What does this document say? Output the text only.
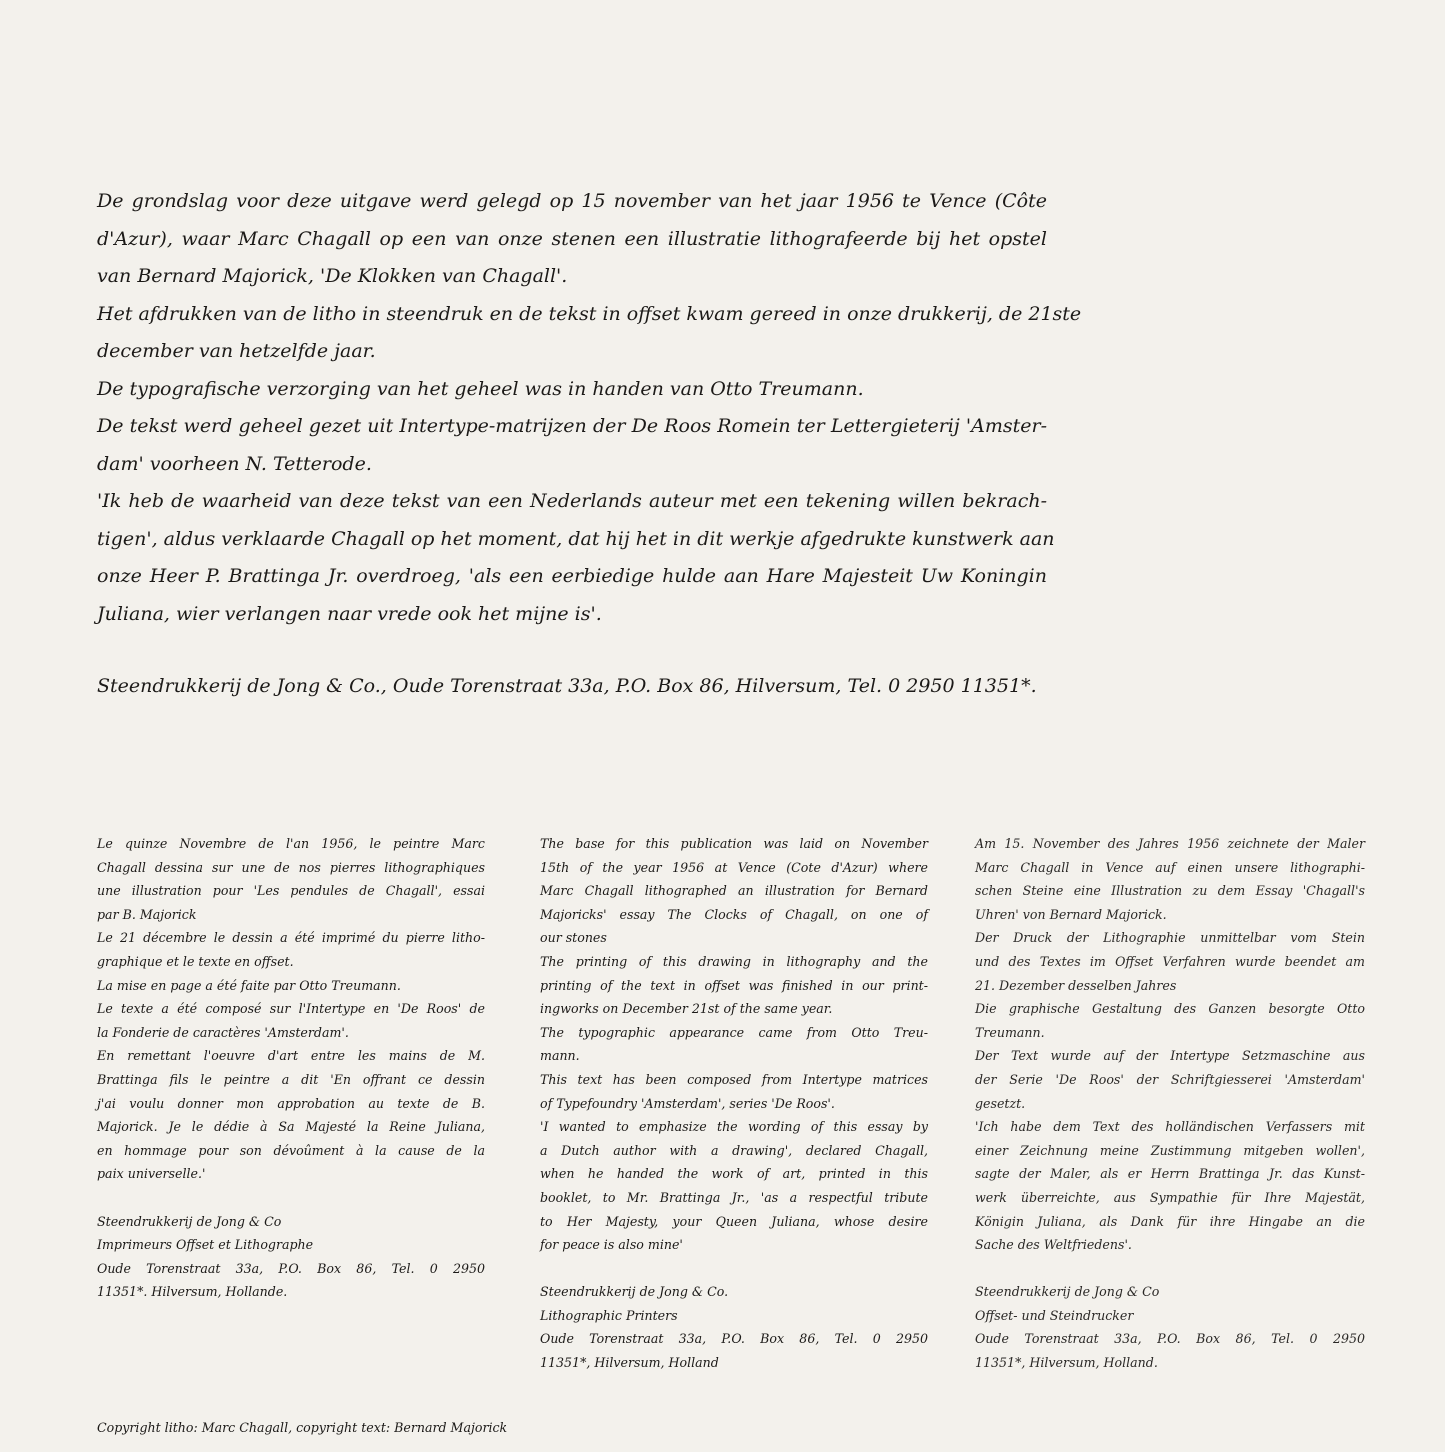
De grondslag voor deze uitgave werd gelegd op 15 november van het jaar 1956 te Vence (Côte
d'Azur), waar Marc Chagall op een van onze stenen een illustratie lithografeerde bij het opstel
van Bernard Majorick, 'De Klokken van Chagall'.
Het afdrukken van de litho in steendruk en de tekst in offset kwam gereed in onze drukkerij, de 21ste
december van hetzelfde jaar.
De typografische verzorging van het geheel was in handen van Otto Treumann.
De tekst werd geheel gezet uit Intertype-matrijzen der De Roos Romein ter Lettergieterij 'Amster-
dam' voorheen N. Tetterode.
'Ik heb de waarheid van deze tekst van een Nederlands auteur met een tekening willen bekrach-
tigen', aldus verklaarde Chagall op het moment, dat hij het in dit werkje afgedrukte kunstwerk aan
onze Heer P. Brattinga Jr. overdroeg, 'als een eerbiedige hulde aan Hare Majesteit Uw Koningin
Juliana, wier verlangen naar vrede ook het mijne is'.
Steendrukkerij de Jong & Co., Oude Torenstraat 33a, P.O. Box 86, Hilversum, Tel. 0 2950 11351*.
Le quinze Novembre de l'an 1956, le peintre Marc
Chagall dessina sur une de nos pierres lithographiques
une illustration pour 'Les pendules de Chagall', essai
par B. Majorick
Le 21 décembre le dessin a été imprimé du pierre litho-
graphique et le texte en offset.
La mise en page a été faite par Otto Treumann.
Le texte a été composé sur l'Intertype en 'De Roos' de
la Fonderie de caractères 'Amsterdam'.
En remettant l'oeuvre d'art entre les mains de M.
Brattinga fils le peintre a dit 'En offrant ce dessin
j'ai voulu donner mon approbation au texte de B.
Majorick. Je le dédie à Sa Majesté la Reine Juliana,
en hommage pour son dévoûment à la cause de la
paix universelle.'
Steendrukkerij de Jong & Co
Imprimeurs Offset et Lithographe
Oude Torenstraat 33a, P.O. Box 86, Tel. 0 2950
11351*. Hilversum, Hollande.
The base for this publication was laid on November
15th of the year 1956 at Vence (Cote d'Azur) where
Marc Chagall lithographed an illustration for Bernard
Majoricks' essay The Clocks of Chagall, on one of
our stones
The printing of this drawing in lithography and the
printing of the text in offset was finished in our print-
ingworks on December 21st of the same year.
The typographic appearance came from Otto Treu-
mann.
This text has been composed from Intertype matrices
of Typefoundry 'Amsterdam', series 'De Roos'.
'I wanted to emphasize the wording of this essay by
a Dutch author with a drawing', declared Chagall,
when he handed the work of art, printed in this
booklet, to Mr. Brattinga Jr., 'as a respectful tribute
to Her Majesty, your Queen Juliana, whose desire
for peace is also mine'
Steendrukkerij de Jong & Co.
Lithographic Printers
Oude Torenstraat 33a, P.O. Box 86, Tel. 0 2950
11351*, Hilversum, Holland
Am 15. November des Jahres 1956 zeichnete der Maler
Marc Chagall in Vence auf einen unsere lithographi-
schen Steine eine Illustration zu dem Essay 'Chagall's
Uhren' von Bernard Majorick.
Der Druck der Lithographie unmittelbar vom Stein
und des Textes im Offset Verfahren wurde beendet am
21. Dezember desselben Jahres
Die graphische Gestaltung des Ganzen besorgte Otto
Treumann.
Der Text wurde auf der Intertype Setzmaschine aus
der Serie 'De Roos' der Schriftgiesserei 'Amsterdam'
gesetzt.
'Ich habe dem Text des holländischen Verfassers mit
einer Zeichnung meine Zustimmung mitgeben wollen',
sagte der Maler, als er Herrn Brattinga Jr. das Kunst-
werk überreichte, aus Sympathie für Ihre Majestät,
Königin Juliana, als Dank für ihre Hingabe an die
Sache des Weltfriedens'.
Steendrukkerij de Jong & Co
Offset- und Steindrucker
Oude Torenstraat 33a, P.O. Box 86, Tel. 0 2950
11351*, Hilversum, Holland.
Copyright litho: Marc Chagall, copyright text: Bernard Majorick
